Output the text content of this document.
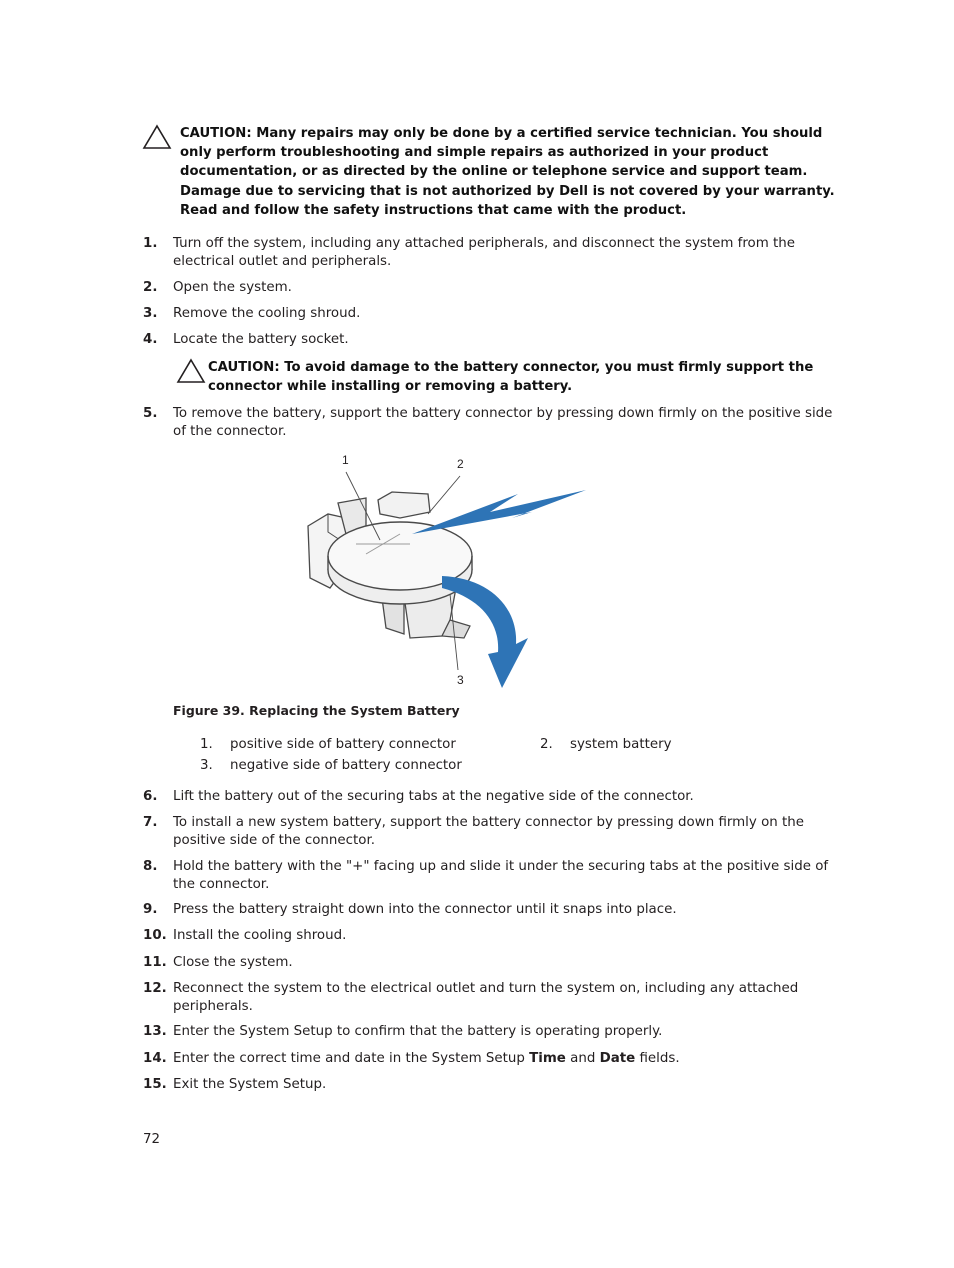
CAUTION: Many repairs may only be done by a certified service technician. You should only perform troubleshooting and simple repairs as authorized in your product documentation, or as directed by the online or telephone service and support team. Damage due to servicing that is not authorized by Dell is not covered by your warranty. Read and follow the safety instructions that came with the product.
1.	Turn off the system, including any attached peripherals, and disconnect the system from the electrical outlet and peripherals.
2.	Open the system.
3.	Remove the cooling shroud.
4.	Locate the battery socket.
CAUTION: To avoid damage to the battery connector, you must firmly support the connector while installing or removing a battery.
5.	To remove the battery, support the battery connector by pressing down firmly on the positive side of the connector.
1	2
3
Figure 39. Replacing the System Battery
1. positive side of battery connector	2. system battery
3. negative side of battery connector
6.	Lift the battery out of the securing tabs at the negative side of the connector.
7.	To install a new system battery, support the battery connector by pressing down firmly on the positive side of the connector.
8.	Hold the battery with the "+" facing up and slide it under the securing tabs at the positive side of the connector.
9.	Press the battery straight down into the connector until it snaps into place.
10. Install the cooling shroud.
11. Close the system.
12. Reconnect the system to the electrical outlet and turn the system on, including any attached peripherals.
13. Enter the System Setup to confirm that the battery is operating properly.
14. Enter the correct time and date in the System Setup Time and Date fields.
15. Exit the System Setup.
72
